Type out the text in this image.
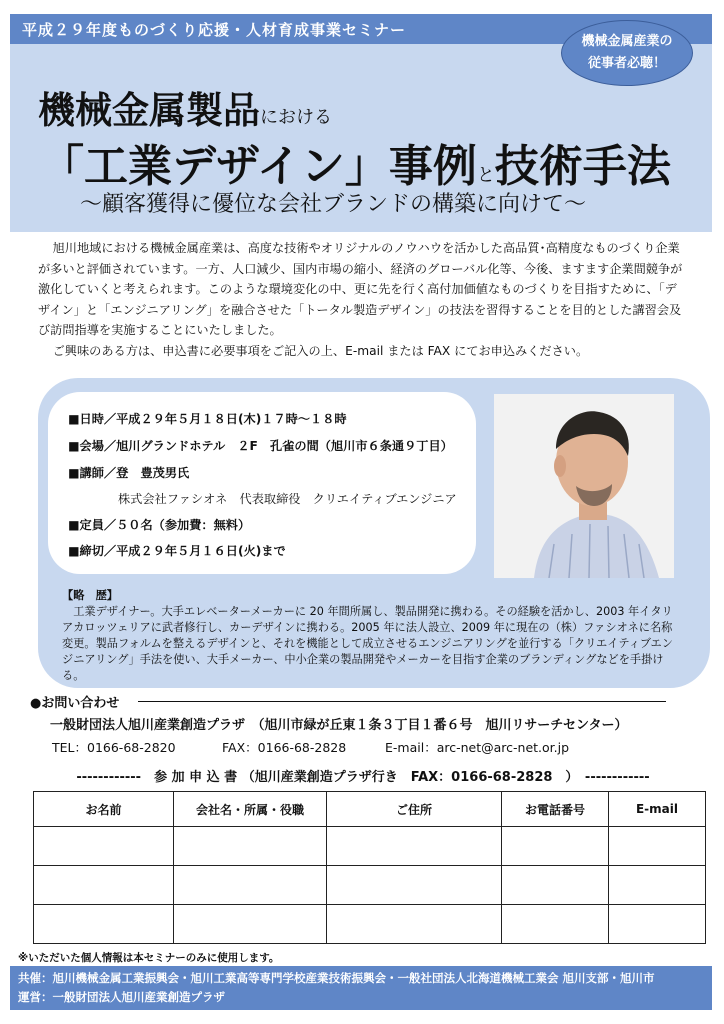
平成２９年度ものづくり応援・人材育成事業セミナー
機械金属産業の
従事者必聴！
機械金属製品における
「工業デザイン」事例と技術手法
〜顧客獲得に優位な会社ブランドの構築に向けて〜

旭川地域における機械金属産業は、高度な技術やオリジナルのノウハウを活かした高品質･高精度なものづくり企業が多いと評価されています。一方、人口減少、国内市場の縮小、経済のグローバル化等、今後、ますます企業間競争が激化していくと考えられます。このような環境変化の中、更に先を行く高付加価値なものづくりを目指すために、「デザイン」と「エンジニアリング」を融合させた「トータル製造デザイン」の技法を習得することを目的とした講習会及び訪問指導を実施することにいたしました。

ご興味のある方は、申込書に必要事項をご記入の上、E-mail または FAX にてお申込みください。

■日時／平成２９年５月１８日(木)１７時〜１８時
■会場／旭川グランドホテル　２F　孔雀の間（旭川市６条通９丁目）
■講師／登　豊茂男氏
株式会社ファシオネ　代表取締役　クリエイティブエンジニア
■定員／５０名（参加費：無料）
■締切／平成２９年５月１６日(火)まで
【略　歴】
工業デザイナー。大手エレベーターメーカーに 20 年間所属し、製品開発に携わる。その経験を活かし、2003 年イタリアカロッツェリアに武者修行し、カーデザインに携わる。2005 年に法人設立、2009 年に現在の（株）ファシオネに名称変更。製品フォルムを整えるデザインと、それを機能として成立させるエンジニアリングを並行する「クリエイティブエンジニアリング」手法を使い、大手メーカー、中小企業の製品開発やメーカーを目指す企業のブランディングなどを手掛ける。
●お問い合わせ
一般財団法人旭川産業創造プラザ　（旭川市緑が丘東１条３丁目１番６号　旭川リサーチセンター）
TEL：0166-68-2820	FAX：0166-68-2828	E-mail：arc-net@arc-net.or.jp
------------　参 加 申 込 書 （旭川産業創造プラザ行き　FAX：0166-68-2828　）　------------
お名前	会社名・所属・役職	ご住所	お電話番号	E-mail

※いただいた個人情報は本セミナーのみに使用します。
共催：旭川機械金属工業振興会・旭川工業高等専門学校産業技術振興会・一般社団法人北海道機械工業会 旭川支部・旭川市
運営：一般財団法人旭川産業創造プラザ
